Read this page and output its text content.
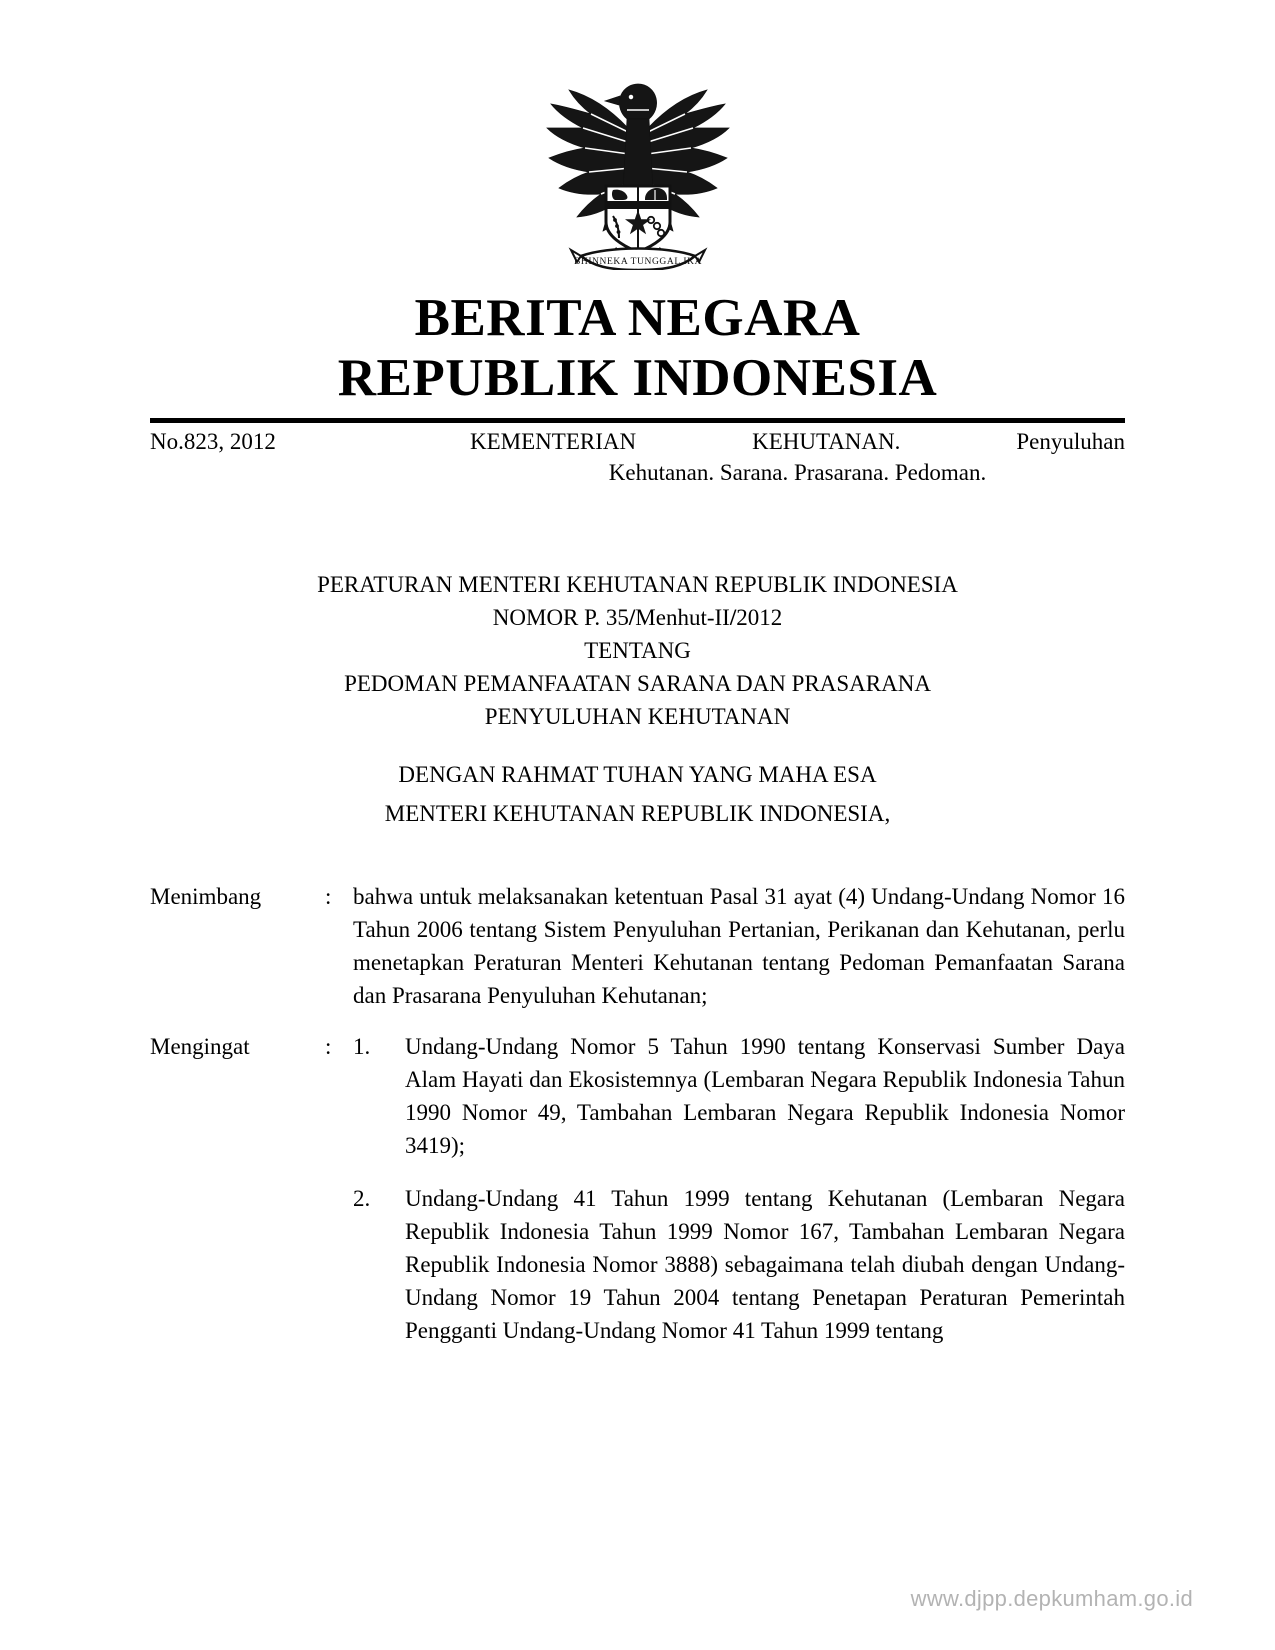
BHINNEKA TUNGGAL IKA
BERITA NEGARA
REPUBLIK INDONESIA
No.823, 2012	KEMENTERIAN KEHUTANAN. Penyuluhan
Kehutanan. Sarana. Prasarana. Pedoman.
PERATURAN MENTERI KEHUTANAN REPUBLIK INDONESIA
NOMOR P. 35/Menhut-II/2012
TENTANG
PEDOMAN PEMANFAATAN SARANA DAN PRASARANA
PENYULUHAN KEHUTANAN
DENGAN RAHMAT TUHAN YANG MAHA ESA
MENTERI KEHUTANAN REPUBLIK INDONESIA,
Menimbang	: bahwa untuk melaksanakan ketentuan Pasal 31 ayat (4) Undang-Undang Nomor 16 Tahun 2006 tentang Sistem Penyuluhan Pertanian, Perikanan dan Kehutanan, perlu menetapkan Peraturan Menteri Kehutanan tentang Pedoman Pemanfaatan Sarana dan Prasarana Penyuluhan Kehutanan;
Mengingat	: 1.	Undang-Undang Nomor 5 Tahun 1990 tentang Konservasi Sumber Daya Alam Hayati dan Ekosistemnya (Lembaran Negara Republik Indonesia Tahun 1990 Nomor 49, Tambahan Lembaran Negara Republik Indonesia Nomor 3419);
2.	Undang-Undang 41 Tahun 1999 tentang Kehutanan (Lembaran Negara Republik Indonesia Tahun 1999 Nomor 167, Tambahan Lembaran Negara Republik Indonesia Nomor 3888) sebagaimana telah diubah dengan Undang-Undang Nomor 19 Tahun 2004 tentang Penetapan Peraturan Pemerintah Pengganti Undang-Undang Nomor 41 Tahun 1999 tentang
www.djpp.depkumham.go.id
